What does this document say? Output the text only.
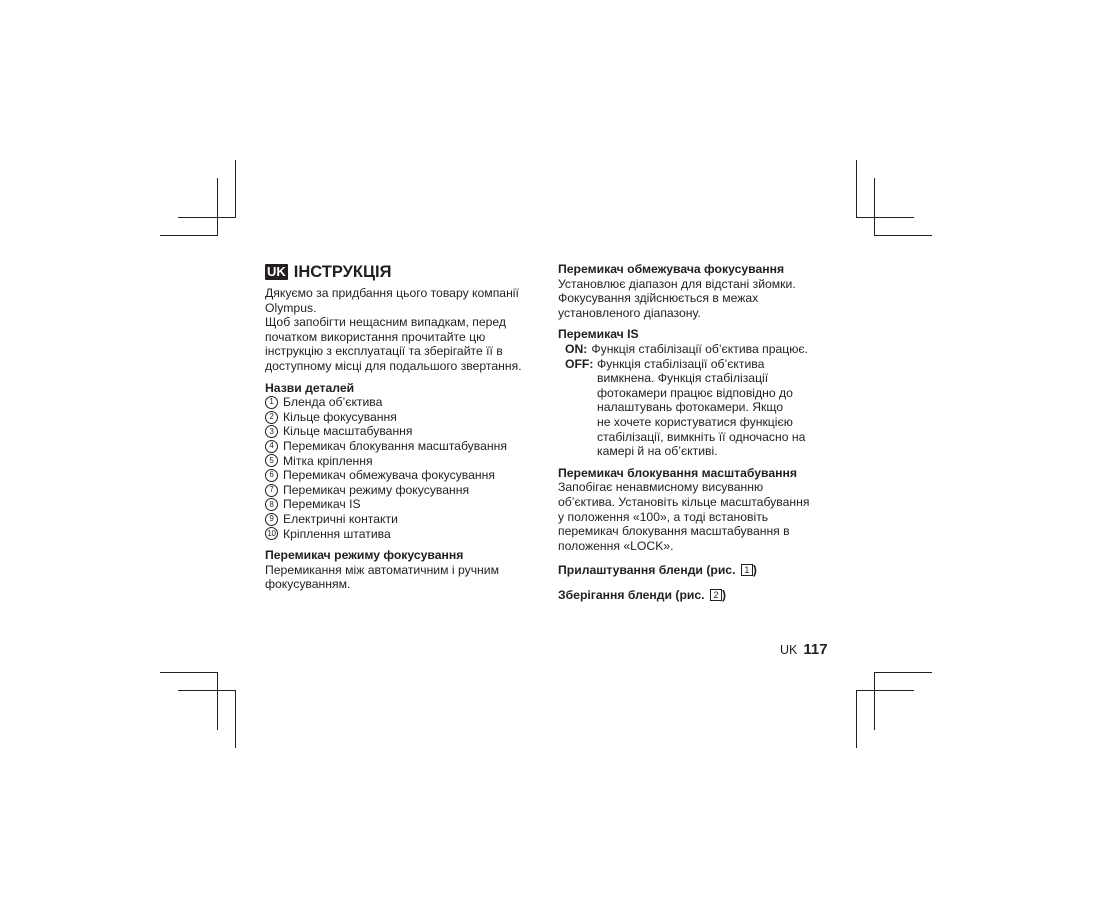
UK ІНСТРУКЦІЯ

Дякуємо за придбання цього товару компанії

Olympus.

Щоб запобігти нещасним випадкам, перед

початком використання прочитайте цю

інструкцію з експлуатації та зберігайте її в

доступному місці для подальшого звертання.

Назви деталей

1 Бленда об’єктива
2 Кільце фокусування
3 Кільце масштабування
4 Перемикач блокування масштабування
5 Мітка кріплення
6 Перемикач обмежувача фокусування
7 Перемикач режиму фокусування
8 Перемикач IS
9 Електричні контакти
10 Кріплення штатива

Перемикач режиму фокусування

Перемикання між автоматичним і ручним

фокусуванням.

Перемикач обмежувача фокусування

Установлює діапазон для відстані зйомки.

Фокусування здійснюється в межах

установленого діапазону.

Перемикач IS

ON: Функція стабілізації об’єктива працює.
OFF: Функція стабілізації об’єктива
вимкнена. Функція стабілізації
фотокамери працює відповідно до
налаштувань фотокамери. Якщо
не хочете користуватися функцією
стабілізації, вимкніть її одночасно на
камері й на об’єктиві.

Перемикач блокування масштабування

Запобігає ненавмисному висуванню

об’єктива. Установіть кільце масштабування

у положення «100», а тоді встановіть

перемикач блокування масштабування в

положення «LOCK».

Прилаштування бленди (рис. 1 )

Зберігання бленди (рис. 2 )

UK 117
